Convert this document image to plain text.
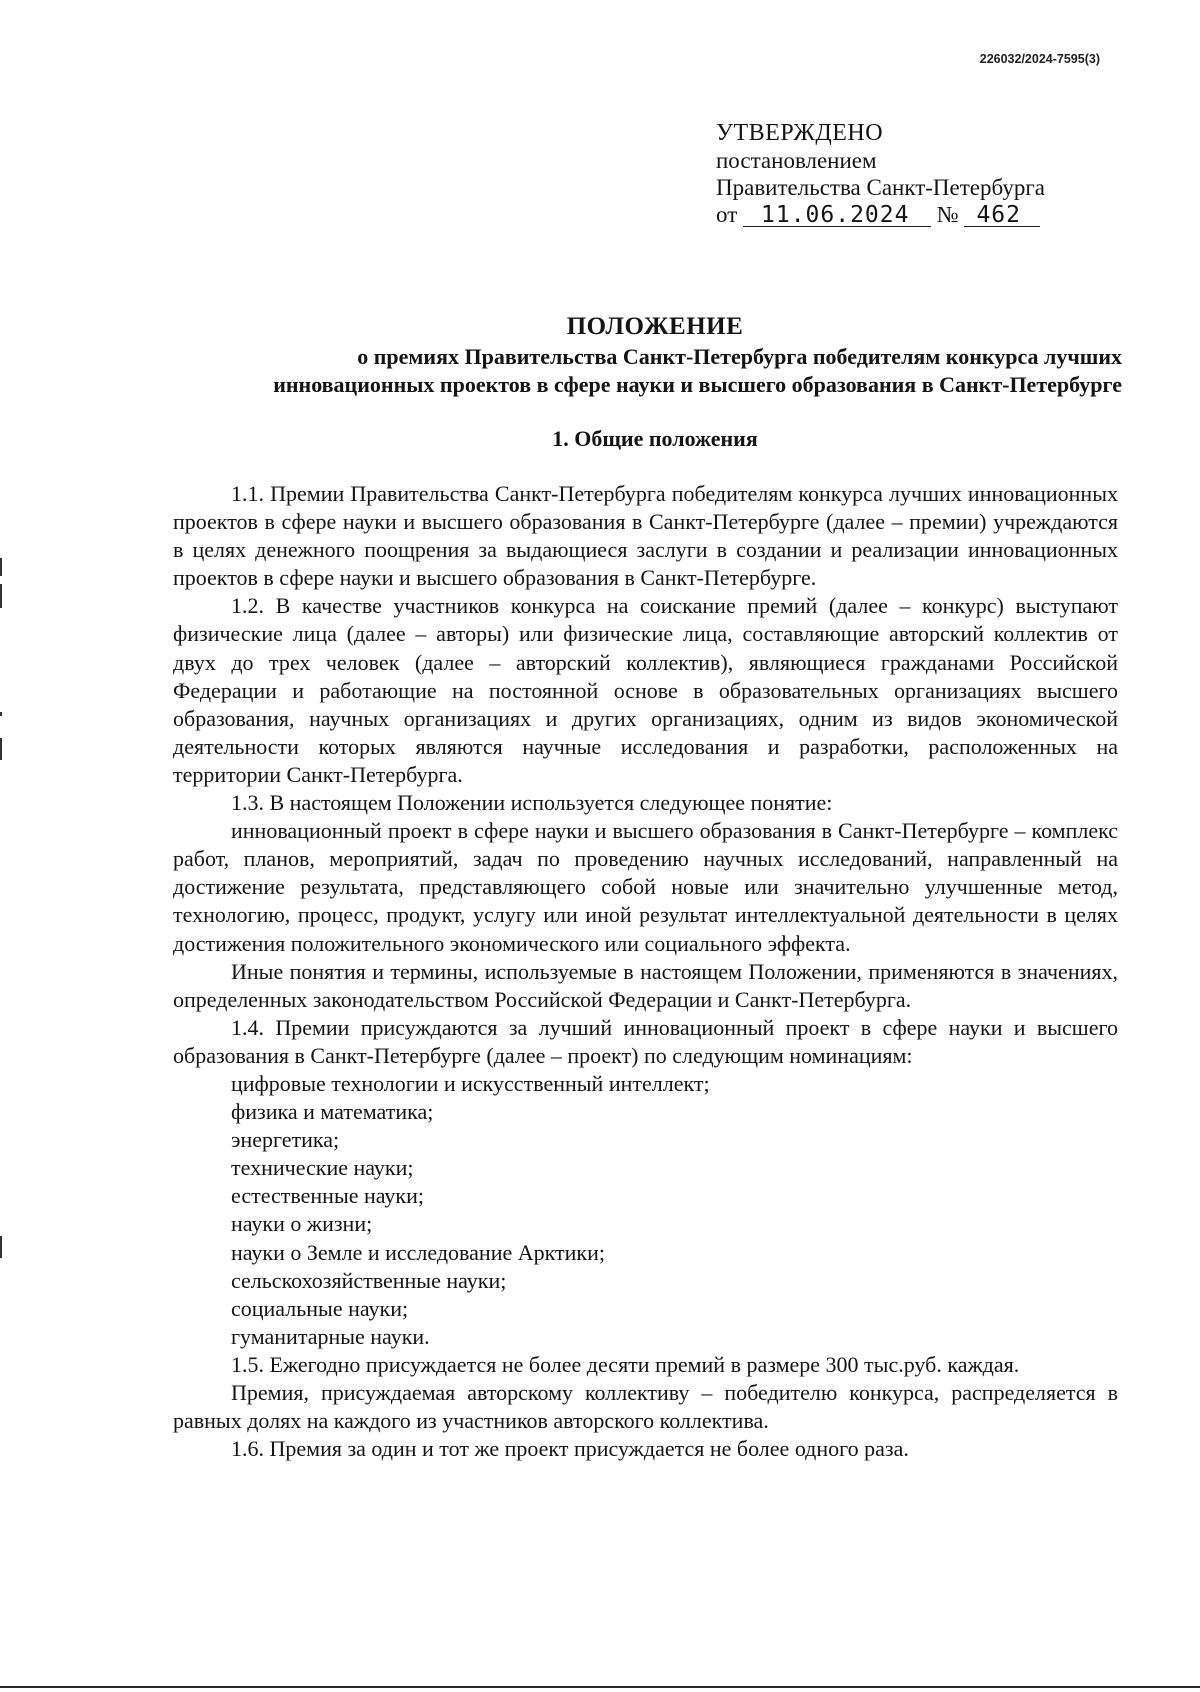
226032/2024-7595(3)
УТВЕРЖДЕНО
постановлением
Правительства Санкт-Петербурга
от 11.06.2024 № 462
ПОЛОЖЕНИЕ
о премиях Правительства Санкт-Петербурга победителям конкурса лучших
инновационных проектов в сфере науки и высшего образования в Санкт-Петербурге
1. Общие положения

1.1. Премии Правительства Санкт-Петербурга победителям конкурса лучших инновационных проектов в сфере науки и высшего образования в Санкт-Петербурге (далее – премии) учреждаются в целях денежного поощрения за выдающиеся заслуги в создании и реализации инновационных проектов в сфере науки и высшего образования в Санкт-Петербурге.

1.2. В качестве участников конкурса на соискание премий (далее – конкурс) выступают физические лица (далее – авторы) или физические лица, составляющие авторский коллектив от двух до трех человек (далее – авторский коллектив), являющиеся гражданами Российской Федерации и работающие на постоянной основе в образовательных организациях высшего образования, научных организациях и других организациях, одним из видов экономической деятельности которых являются научные исследования и разработки, расположенных на территории Санкт-Петербурга.

1.3. В настоящем Положении используется следующее понятие:

инновационный проект в сфере науки и высшего образования в Санкт-Петербурге – комплекс работ, планов, мероприятий, задач по проведению научных исследований, направленный на достижение результата, представляющего собой новые или значительно улучшенные метод, технологию, процесс, продукт, услугу или иной результат интеллектуальной деятельности в целях достижения положительного экономического или социального эффекта.

Иные понятия и термины, используемые в настоящем Положении, применяются в значениях, определенных законодательством Российской Федерации и Санкт-Петербурга.

1.4. Премии присуждаются за лучший инновационный проект в сфере науки и высшего образования в Санкт-Петербурге (далее – проект) по следующим номинациям:

цифровые технологии и искусственный интеллект;
физика и математика;
энергетика;
технические науки;
естественные науки;
науки о жизни;
науки о Земле и исследование Арктики;
сельскохозяйственные науки;
социальные науки;
гуманитарные науки.

1.5. Ежегодно присуждается не более десяти премий в размере 300 тыс.руб. каждая.

Премия, присуждаемая авторскому коллективу – победителю конкурса, распределяется в равных долях на каждого из участников авторского коллектива.

1.6. Премия за один и тот же проект присуждается не более одного раза.
